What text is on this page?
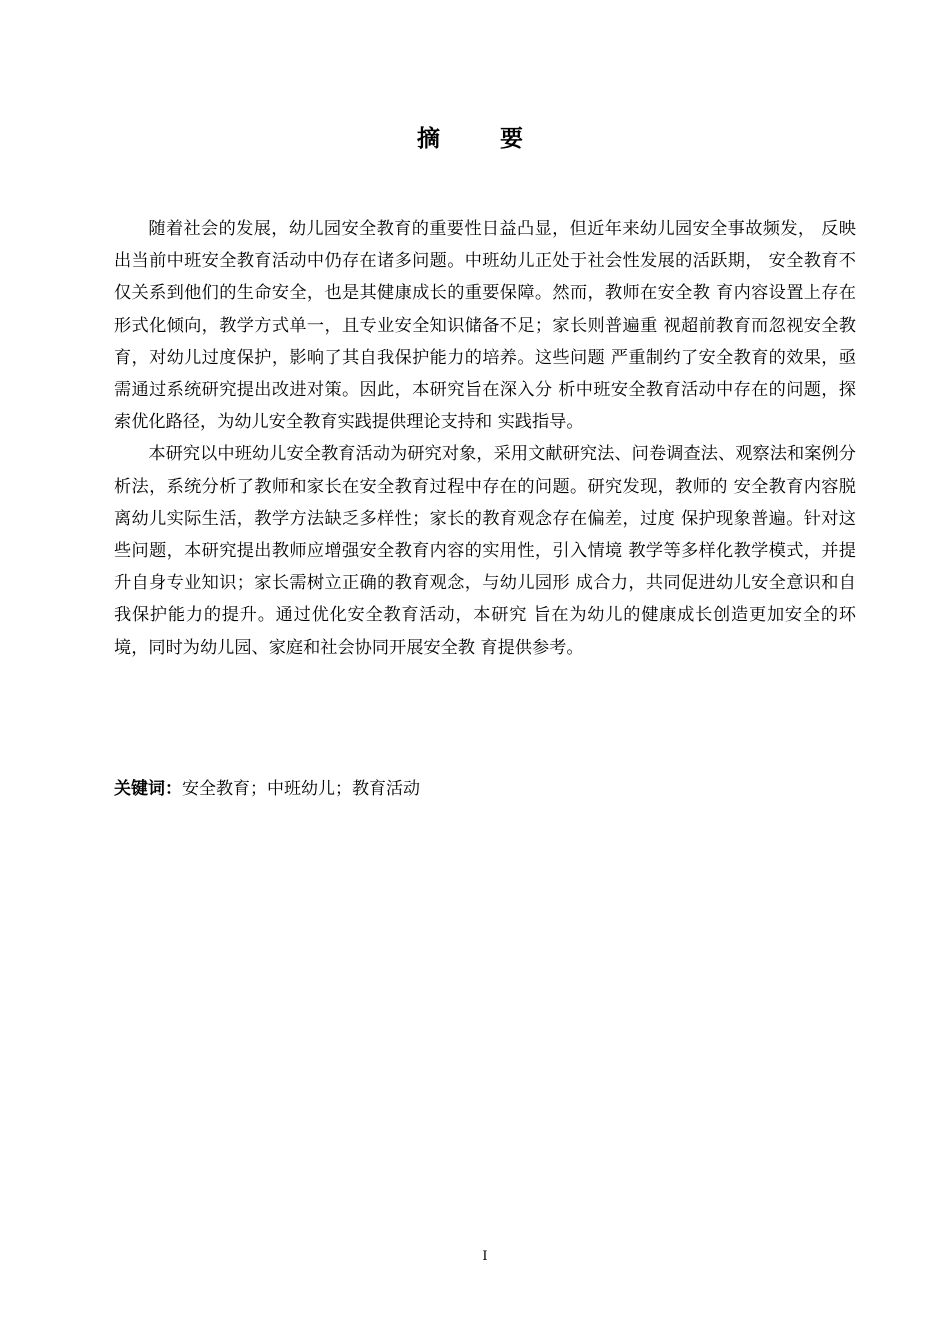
摘 要

随着社会的发展，幼儿园安全教育的重要性日益凸显，但近年来幼儿园安全事故频发， 反映出当前中班安全教育活动中仍存在诸多问题。中班幼儿正处于社会性发展的活跃期， 安全教育不仅关系到他们的生命安全，也是其健康成长的重要保障。然而，教师在安全教 育内容设置上存在形式化倾向，教学方式单一，且专业安全知识储备不足；家长则普遍重 视超前教育而忽视安全教育，对幼儿过度保护，影响了其自我保护能力的培养。这些问题 严重制约了安全教育的效果，亟需通过系统研究提出改进对策。因此，本研究旨在深入分 析中班安全教育活动中存在的问题，探索优化路径，为幼儿安全教育实践提供理论支持和 实践指导。

本研究以中班幼儿安全教育活动为研究对象，采用文献研究法、问卷调查法、观察法和案例分析法，系统分析了教师和家长在安全教育过程中存在的问题。研究发现，教师的 安全教育内容脱离幼儿实际生活，教学方法缺乏多样性；家长的教育观念存在偏差，过度 保护现象普遍。针对这些问题，本研究提出教师应增强安全教育内容的实用性，引入情境 教学等多样化教学模式，并提升自身专业知识；家长需树立正确的教育观念，与幼儿园形 成合力，共同促进幼儿安全意识和自我保护能力的提升。通过优化安全教育活动，本研究 旨在为幼儿的健康成长创造更加安全的环境，同时为幼儿园、家庭和社会协同开展安全教 育提供参考。

关键词：安全教育；中班幼儿；教育活动
I
